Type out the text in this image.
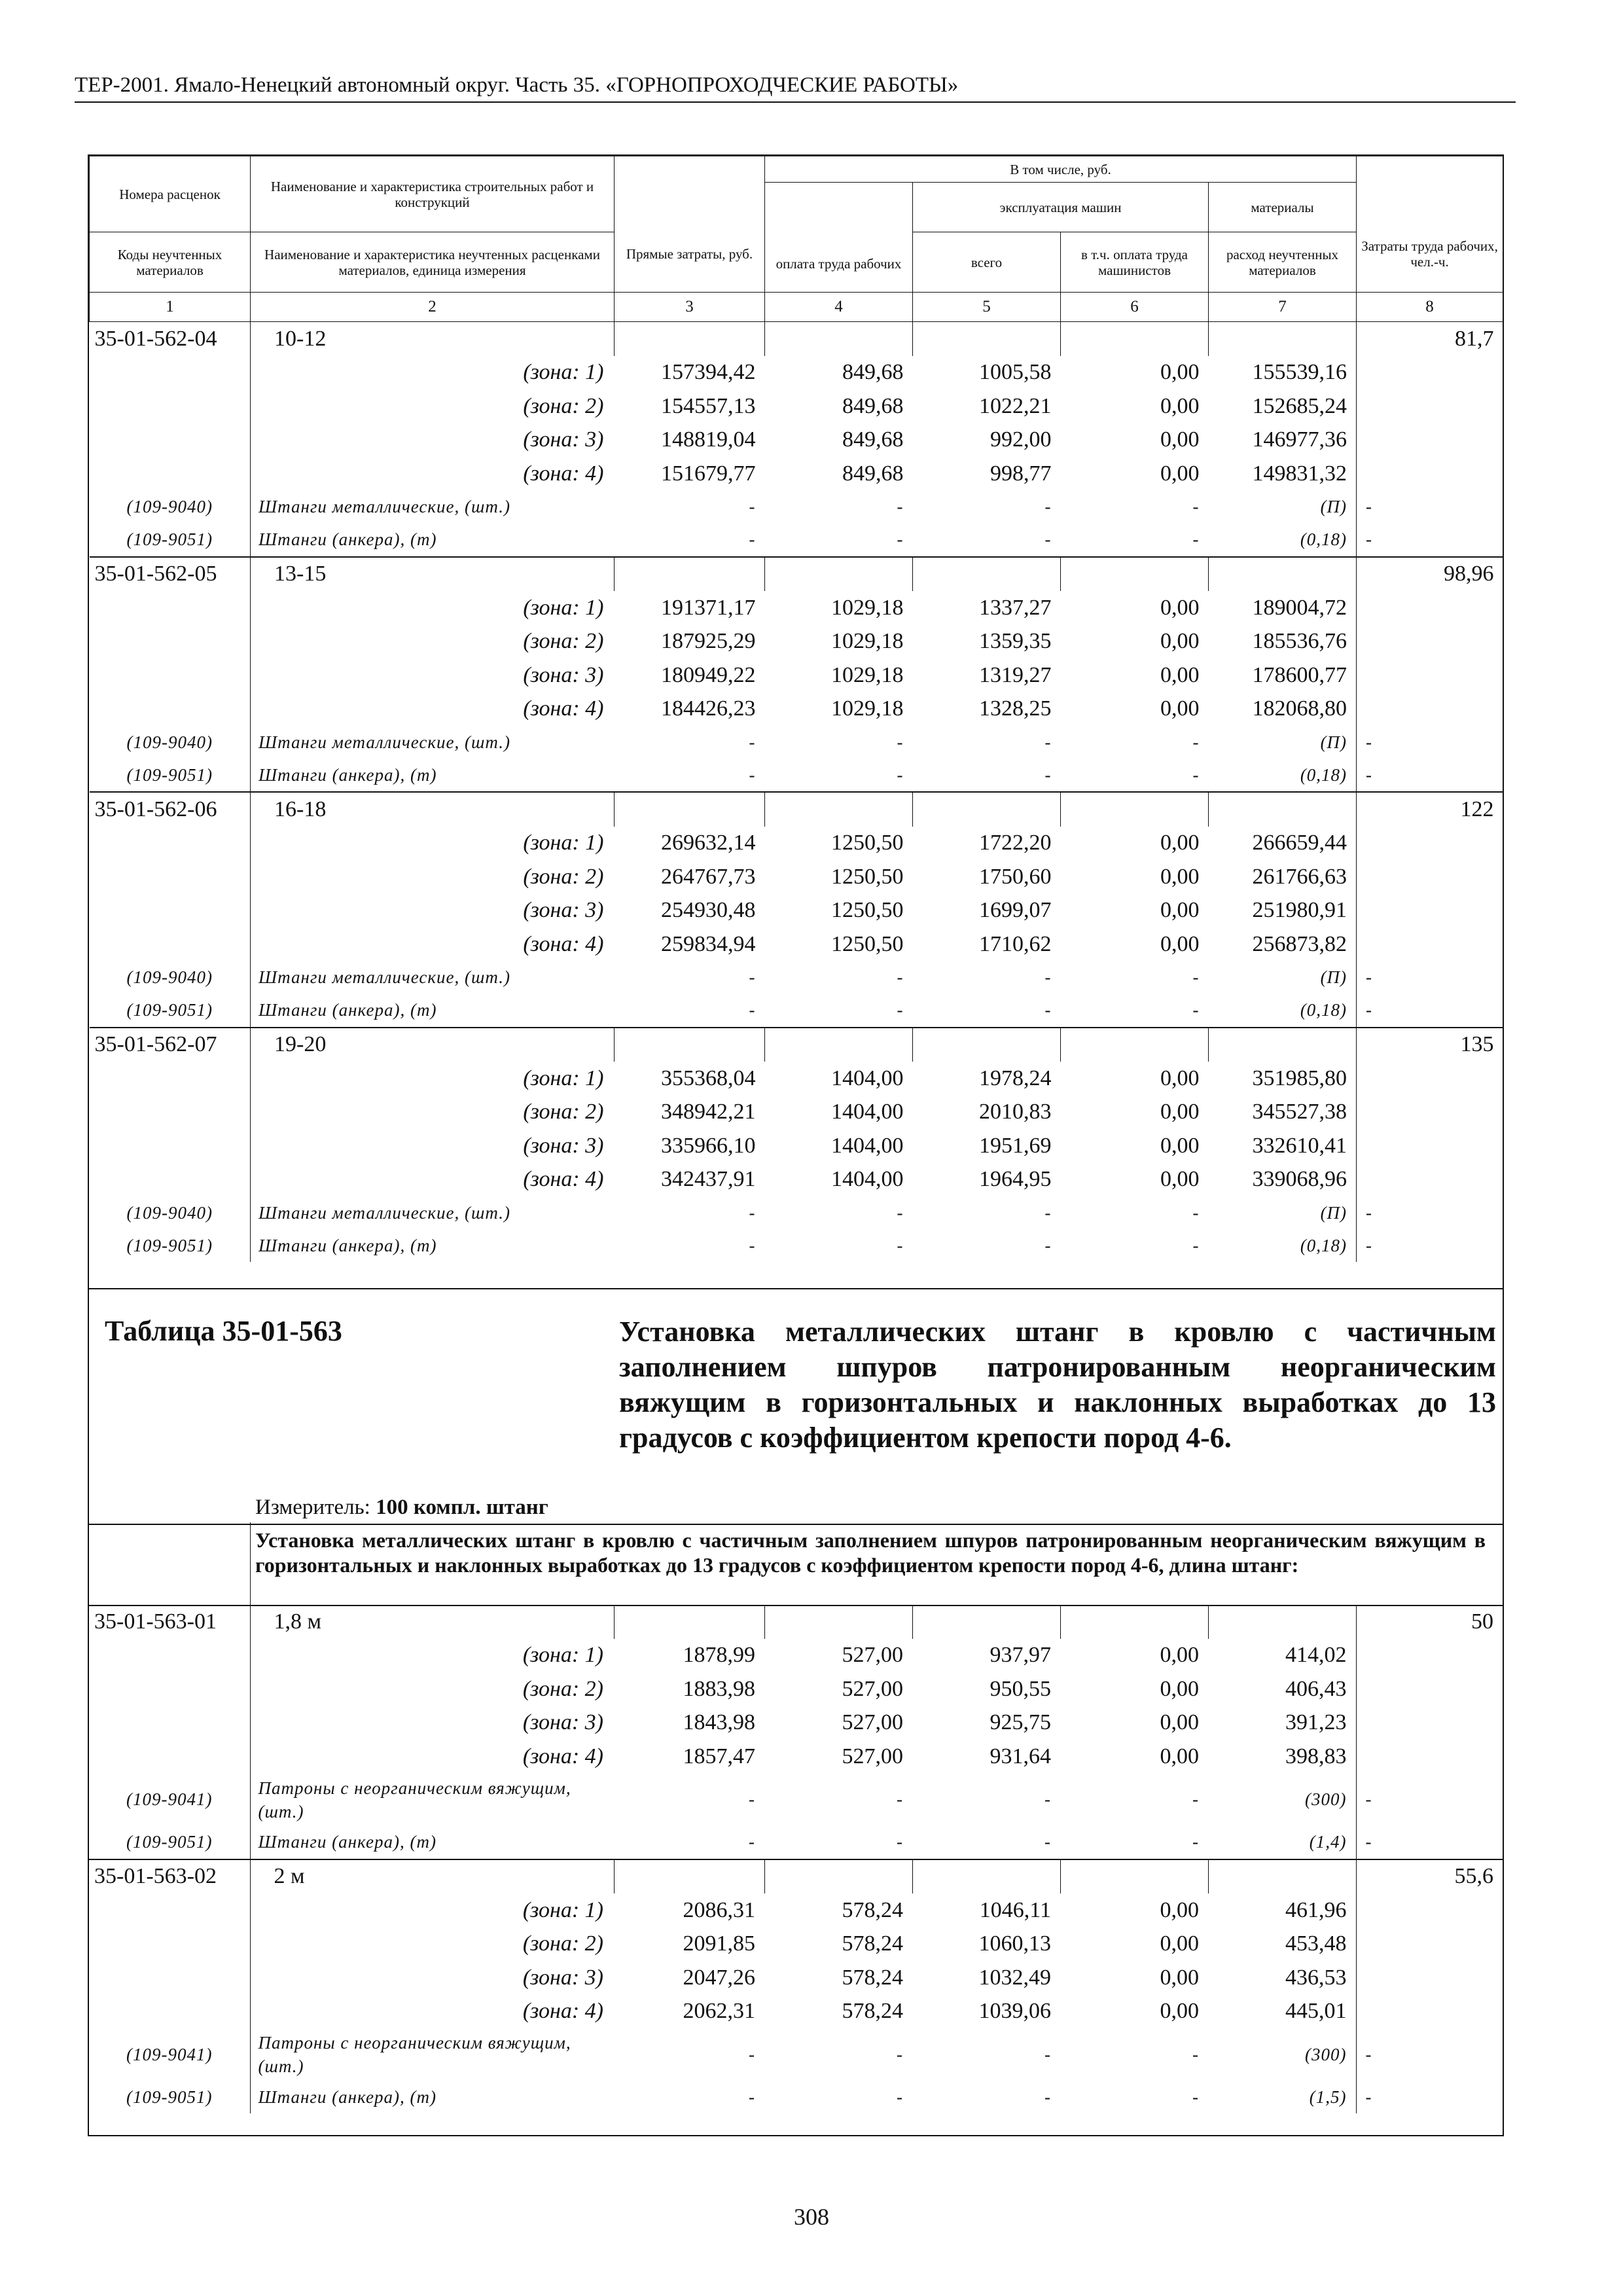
ТЕР-2001. Ямало-Ненецкий автономный округ. Часть 35. «ГОРНОПРОХОДЧЕСКИЕ РАБОТЫ»
Номера расценок	Наименование и характеристика строительных работ и конструкций	Прямые затраты, руб.	В том числе, руб.				Затраты труда рабочих, чел.-ч.
			оплата труда рабочих	эксплуатация машин		материалы	
Коды неучтенных материалов	Наименование и характеристика неучтенных расценками материалов, единица измерения			всего	в т.ч. оплата труда машинистов	расход неучтенных материалов	

1	2	3	4	5	6	7	8
35-01-562-04	10-12						81,7
	(зона: 1)	157394,42	849,68	1005,58	0,00	155539,16	
	(зона: 2)	154557,13	849,68	1022,21	0,00	152685,24	
	(зона: 3)	148819,04	849,68	992,00	0,00	146977,36	
	(зона: 4)	151679,77	849,68	998,77	0,00	149831,32	
(109-9040)	Штанги металлические, (шт.)	-	-	-	-	(П)	-
(109-9051)	Штанги (анкера), (т)	-	-	-	-	(0,18)	-
35-01-562-05	13-15						98,96
	(зона: 1)	191371,17	1029,18	1337,27	0,00	189004,72	
	(зона: 2)	187925,29	1029,18	1359,35	0,00	185536,76	
	(зона: 3)	180949,22	1029,18	1319,27	0,00	178600,77	
	(зона: 4)	184426,23	1029,18	1328,25	0,00	182068,80	
(109-9040)	Штанги металлические, (шт.)	-	-	-	-	(П)	-
(109-9051)	Штанги (анкера), (т)	-	-	-	-	(0,18)	-
35-01-562-06	16-18						122
	(зона: 1)	269632,14	1250,50	1722,20	0,00	266659,44	
	(зона: 2)	264767,73	1250,50	1750,60	0,00	261766,63	
	(зона: 3)	254930,48	1250,50	1699,07	0,00	251980,91	
	(зона: 4)	259834,94	1250,50	1710,62	0,00	256873,82	
(109-9040)	Штанги металлические, (шт.)	-	-	-	-	(П)	-
(109-9051)	Штанги (анкера), (т)	-	-	-	-	(0,18)	-
35-01-562-07	19-20						135
	(зона: 1)	355368,04	1404,00	1978,24	0,00	351985,80	
	(зона: 2)	348942,21	1404,00	2010,83	0,00	345527,38	
	(зона: 3)	335966,10	1404,00	1951,69	0,00	332610,41	
	(зона: 4)	342437,91	1404,00	1964,95	0,00	339068,96	
(109-9040)	Штанги металлические, (шт.)	-	-	-	-	(П)	-
(109-9051)	Штанги (анкера), (т)	-	-	-	-	(0,18)	-
Таблица 35-01-563	Установка металлических штанг в кровлю с частичным заполнением шпуров патронированным неорганическим вяжущим в горизонтальных и наклонных выработках до 13 градусов с коэффициентом крепости пород 4-6.
Измеритель: 100 компл. штанг
Установка металлических штанг в кровлю с частичным заполнением шпуров патронированным неорганическим вяжущим в горизонтальных и наклонных выработках до 13 градусов с коэффициентом крепости пород 4-6, длина штанг:
35-01-563-01	1,8 м						50
	(зона: 1)	1878,99	527,00	937,97	0,00	414,02	
	(зона: 2)	1883,98	527,00	950,55	0,00	406,43	
	(зона: 3)	1843,98	527,00	925,75	0,00	391,23	
	(зона: 4)	1857,47	527,00	931,64	0,00	398,83	
(109-9041)	Патроны с неорганическим вяжущим, (шт.)	-	-	-	-	(300)	-
(109-9051)	Штанги (анкера), (т)	-	-	-	-	(1,4)	-
35-01-563-02	2 м						55,6
	(зона: 1)	2086,31	578,24	1046,11	0,00	461,96	
	(зона: 2)	2091,85	578,24	1060,13	0,00	453,48	
	(зона: 3)	2047,26	578,24	1032,49	0,00	436,53	
	(зона: 4)	2062,31	578,24	1039,06	0,00	445,01	
(109-9041)	Патроны с неорганическим вяжущим, (шт.)	-	-	-	-	(300)	-
(109-9051)	Штанги (анкера), (т)	-	-	-	-	(1,5)	-
308
